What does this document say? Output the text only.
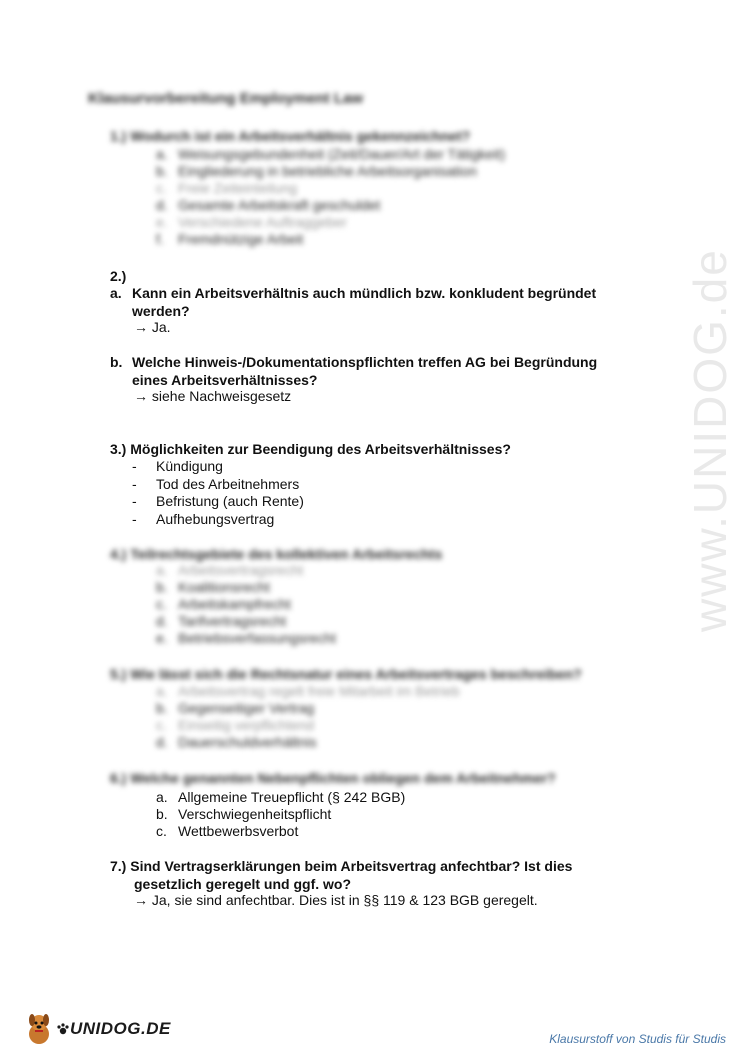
www.UNIDOG.de
Klausurvorbereitung Employment Law
1.) Wodurch ist ein Arbeitsverhältnis gekennzeichnet?
a. Weisungsgebundenheit (Zeit/Dauer/Art der Tätigkeit)
b. Eingliederung in betriebliche Arbeitsorganisation
c. Freie Zeiteinteilung
d. Gesamte Arbeitskraft geschuldet
e. Verschiedene Auftraggeber
f. Fremdnützige Arbeit
2.)
a. Kann ein Arbeitsverhältnis auch mündlich bzw. konkludent begründet
werden?
→ Ja.
b. Welche Hinweis-/Dokumentationspflichten treffen AG bei Begründung
eines Arbeitsverhältnisses?
→ siehe Nachweisgesetz
3.) Möglichkeiten zur Beendigung des Arbeitsverhältnisses?
- Kündigung
- Tod des Arbeitnehmers
- Befristung (auch Rente)
- Aufhebungsvertrag
4.) Teilrechtsgebiete des kollektiven Arbeitsrechts
a. Arbeitsvertragsrecht
b. Koalitionsrecht
c. Arbeitskampfrecht
d. Tarifvertragsrecht
e. Betriebsverfassungsrecht
5.) Wie lässt sich die Rechtsnatur eines Arbeitsvertrages beschreiben?
a. Arbeitsvertrag regelt freie Mitarbeit im Betrieb
b. Gegenseitiger Vertrag
c. Einseitig verpflichtend
d. Dauerschuldverhältnis
6.) Welche genannten Nebenpflichten obliegen dem Arbeitnehmer?
a. Allgemeine Treuepflicht (§ 242 BGB)
b. Verschwiegenheitspflicht
c. Wettbewerbsverbot
7.) Sind Vertragserklärungen beim Arbeitsvertrag anfechtbar? Ist dies
gesetzlich geregelt und ggf. wo?
→ Ja, sie sind anfechtbar. Dies ist in §§ 119 & 123 BGB geregelt.
UNIDOG.DE
Klausurstoff von Studis für Studis
